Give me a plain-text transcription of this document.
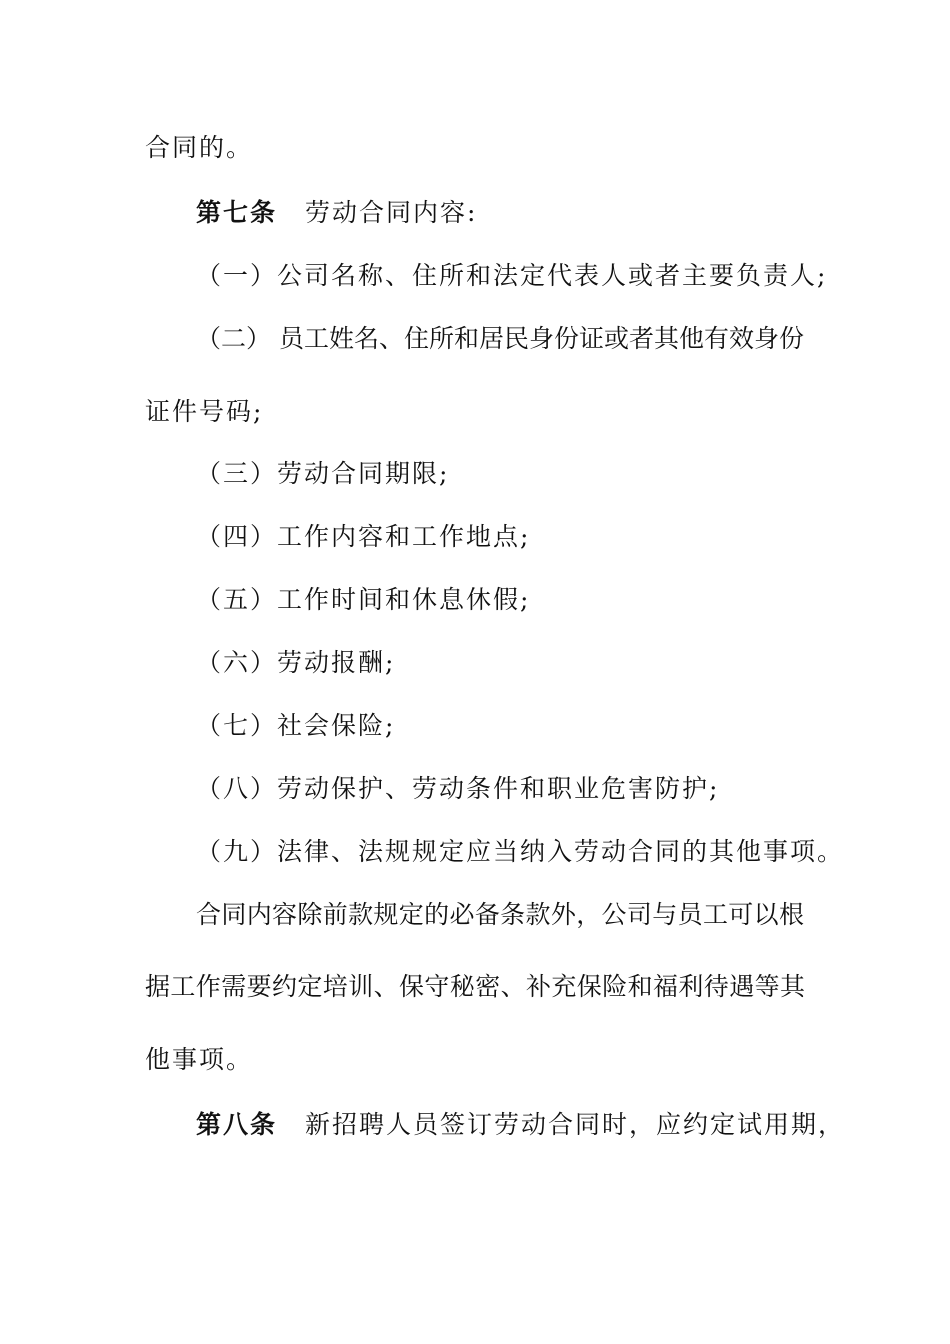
合同的。
第七条 劳动合同内容:
（一）公司名称、住所和法定代表人或者主要负责人;
（二） 员工姓名、住所和居民身份证或者其他有效身份
证件号码;
（三）劳动合同期限;
（四）工作内容和工作地点;
（五）工作时间和休息休假;
（六）劳动报酬;
（七）社会保险;
（八）劳动保护、劳动条件和职业危害防护;
（九）法律、法规规定应当纳入劳动合同的其他事项。
合同内容除前款规定的必备条款外，公司与员工可以根
据工作需要约定培训、保守秘密、补充保险和福利待遇等其
他事项。
第八条 新招聘人员签订劳动合同时，应约定试用期，
